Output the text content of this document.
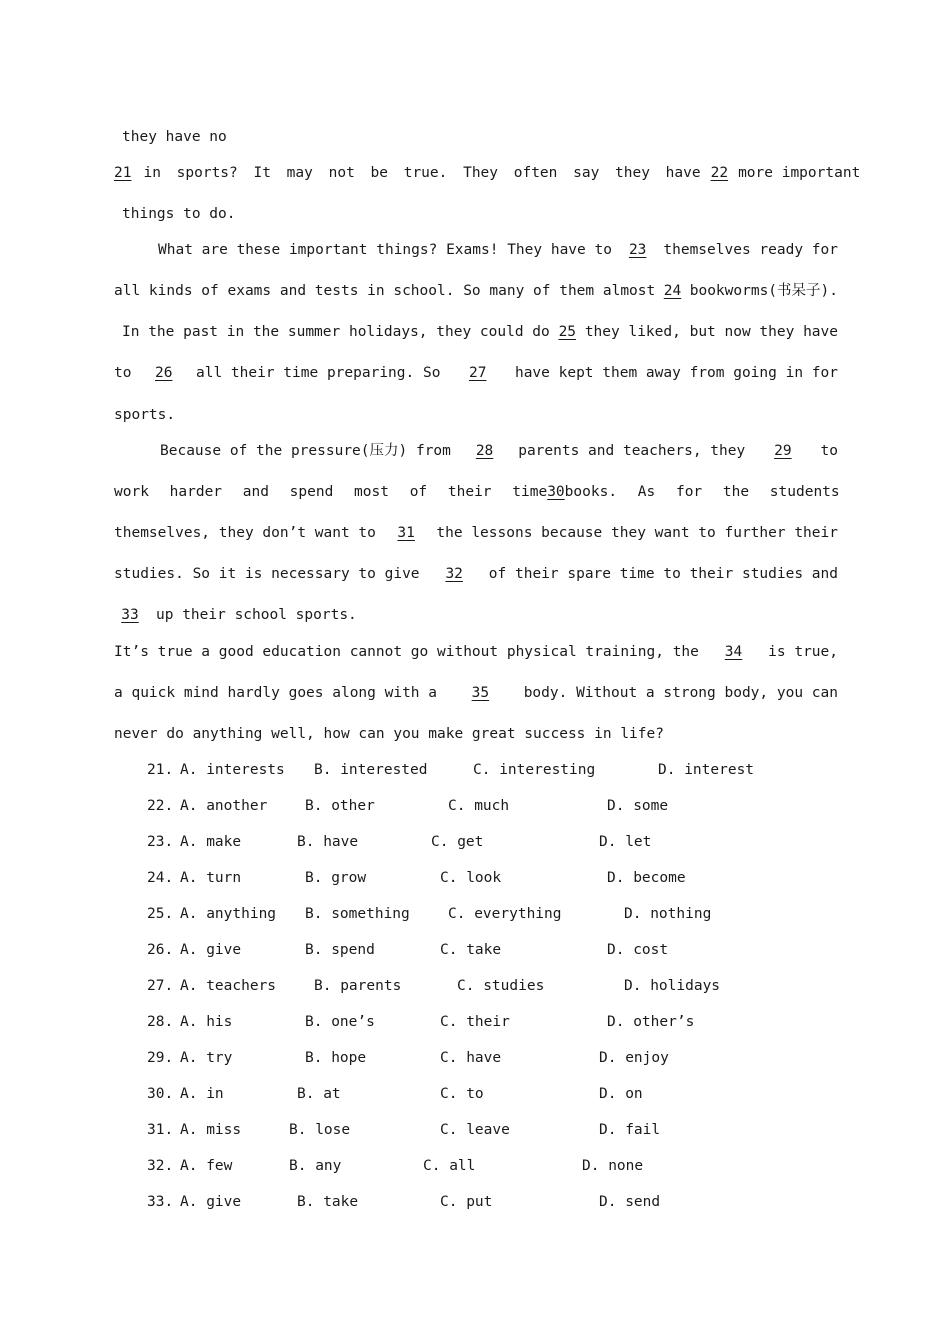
they have no
21 in sports? It may not be true. They often say they have 22 more important
things to do.
What are these important things? Exams! They have to	23	themselves ready for
all kinds of exams and tests in school. So many of them almost 24 bookworms(书呆子).
In the past in the summer holidays, they could do 25 they liked, but now they have
to	26	all their time preparing. So	27	have kept them away from going in for
sports.
Because of the pressure(压力) from	28	parents and teachers, they	29	to
work harder and spend most of their time 30 books. As for the students
themselves, they don’t want to	31	the lessons because they want to further their
studies. So it is necessary to give	32	of their spare time to their studies and
33	up their school sports.
It’s true a good education cannot go without physical training, the	34	is true,
a quick mind hardly goes along with a	35	body. Without a strong body, you can
never do anything well, how can you make great success in life?
21. A. interests B. interested	C. interesting	D. interest
22. A. another	B. other	C. much	D. some
23. A. make	B. have	C. get	D. let
24. A. turn	B. grow	C. look	D. become
25. A. anything B. something	C. everything	D. nothing
26. A. give	B. spend	C. take	D. cost
27. A. teachers	B. parents	C. studies	D. holidays
28. A. his	B. one’s	C. their	D. other’s
29. A. try	B. hope	C. have	D. enjoy
30. A. in	B. at	C. to	D. on
31. A. miss	B. lose	C. leave	D. fail
32. A. few	B. any	C. all	D. none
33. A. give	B. take	C. put	D. send
